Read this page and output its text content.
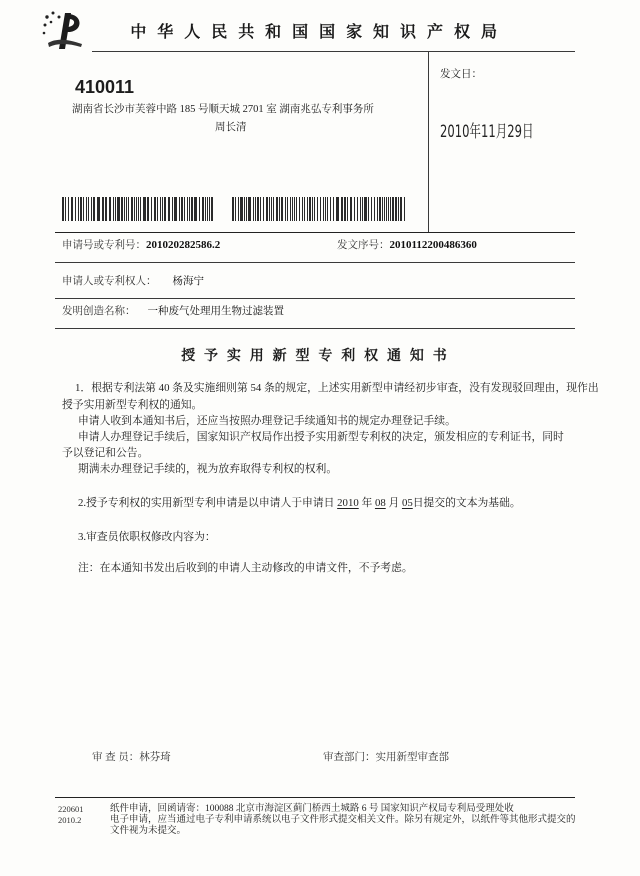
中 华 人 民 共 和 国 国 家 知 识 产 权 局
410011
湖南省长沙市芙蓉中路 185 号顺天城 2701 室 湖南兆弘专利事务所
周长清
发文日：
2010年11月29日
申请号或专利号：201020282586.2	发文序号：2010112200486360
申请人或专利权人： 杨海宁
发明创造名称： 一种废气处理用生物过滤装置
授 予 实 用 新 型 专 利 权 通 知 书
1．根据专利法第 40 条及实施细则第 54 条的规定，上述实用新型申请经初步审查，没有发现驳回理由，现作出
授予实用新型专利权的通知。
申请人收到本通知书后，还应当按照办理登记手续通知书的规定办理登记手续。
申请人办理登记手续后，国家知识产权局作出授予实用新型专利权的决定，颁发相应的专利证书，同时
予以登记和公告。
期满未办理登记手续的，视为放弃取得专利权的权利。
2.授予专利权的实用新型专利申请是以申请人于申请日 2010 年 08 月 05日提交的文本为基础。
3.审查员依职权修改内容为：
注：在本通知书发出后收到的申请人主动修改的申请文件，不予考虑。
审 查 员：林芬琦	审查部门：实用新型审查部
220601
2010.2
纸件申请，回函请寄：100088 北京市海淀区蓟门桥西土城路 6 号 国家知识产权局专利局受理处收
电子申请，应当通过电子专利申请系统以电子文件形式提交相关文件。除另有规定外，以纸件等其他形式提交的
文件视为未提交。
